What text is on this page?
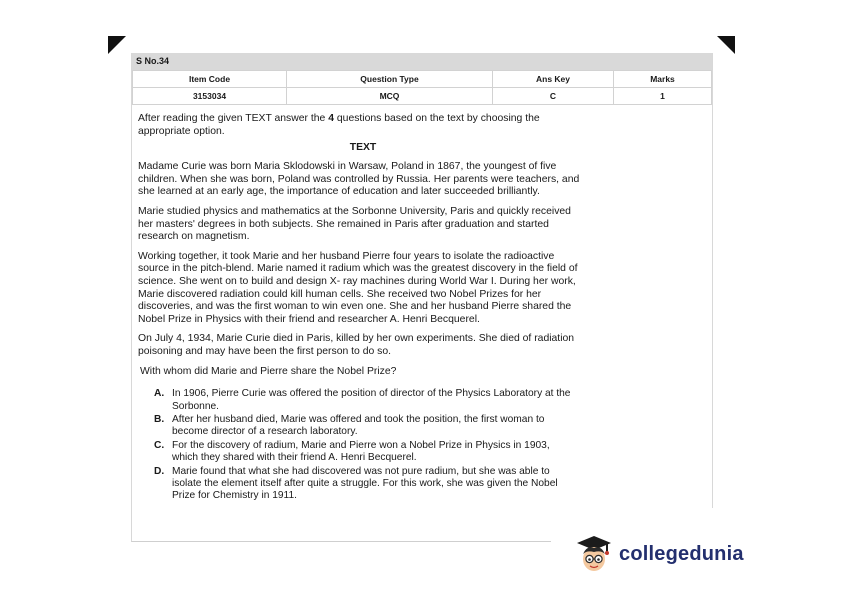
S No.34
Item Code	Question Type	Ans Key	Marks
3153034	MCQ	C	1

After reading the given TEXT answer the 4 questions based on the text by choosing the appropriate option.

TEXT

Madame Curie was born Maria Sklodowski in Warsaw, Poland in 1867, the youngest of five children. When she was born, Poland was controlled by Russia. Her parents were teachers, and she learned at an early age, the importance of education and later succeeded brilliantly.

Marie studied physics and mathematics at the Sorbonne University, Paris and quickly received her masters' degrees in both subjects. She remained in Paris after graduation and started research on magnetism.

Working together, it took Marie and her husband Pierre four years to isolate the radioactive source in the pitch-blend. Marie named it radium which was the greatest discovery in the field of science. She went on to build and design X- ray machines during World War I. During her work, Marie discovered radiation could kill human cells. She received two Nobel Prizes for her discoveries, and was the first woman to win even one. She and her husband Pierre shared the Nobel Prize in Physics with their friend and researcher A. Henri Becquerel.

On July 4, 1934, Marie Curie died in Paris, killed by her own experiments. She died of radiation poisoning and may have been the first person to do so.

With whom did Marie and Pierre share the Nobel Prize?
A. In 1906, Pierre Curie was offered the position of director of the Physics Laboratory at the Sorbonne.
B. After her husband died, Marie was offered and took the position, the first woman to become director of a research laboratory.
C. For the discovery of radium, Marie and Pierre won a Nobel Prize in Physics in 1903, which they shared with their friend A. Henri Becquerel.
D. Marie found that what she had discovered was not pure radium, but she was able to isolate the element itself after quite a struggle. For this work, she was given the Nobel Prize for Chemistry in 1911.
collegedunia
